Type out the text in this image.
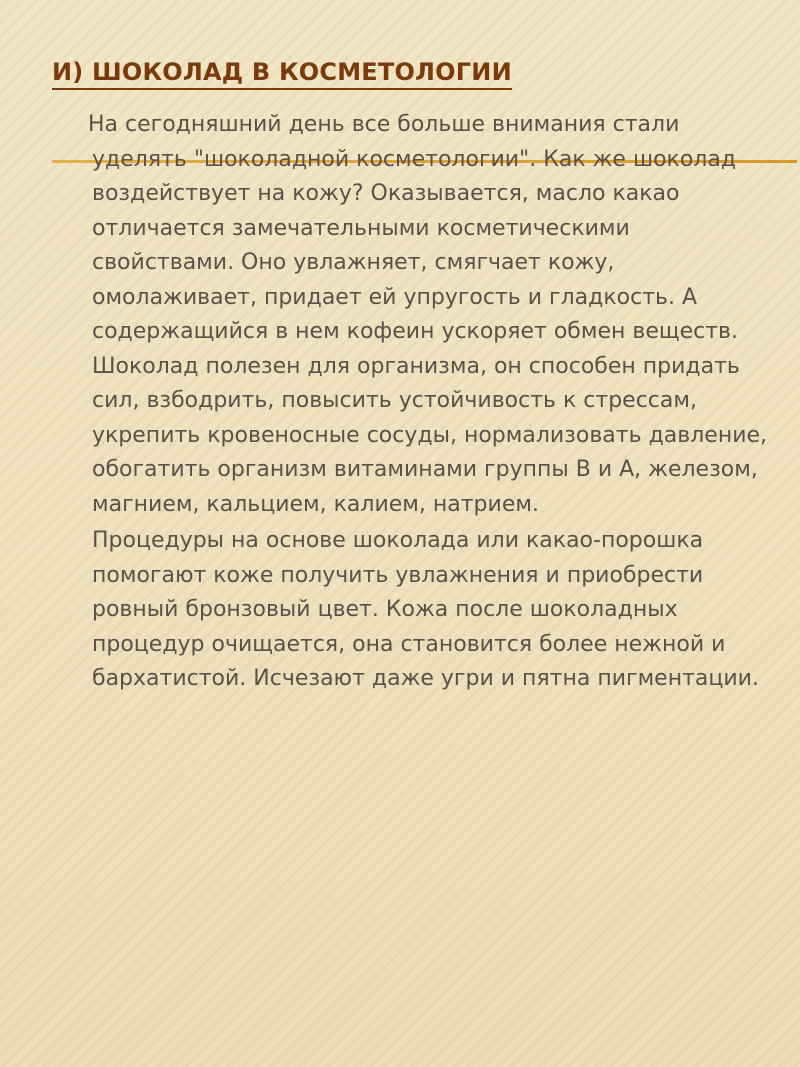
И) ШОКОЛАД В КОСМЕТОЛОГИИ

На сегодняшний день все больше внимания стали уделять "шоколадной косметологии". Как же шоколад воздействует на кожу? Оказывается, масло какао отличается замечательными косметическими свойствами. Оно увлажняет, смягчает кожу, омолаживает, придает ей упругость и гладкость. А содержащийся в нем кофеин ускоряет обмен веществ. Шоколад полезен для организма, он способен придать сил, взбодрить, повысить устойчивость к стрессам, укрепить кровеносные сосуды, нормализовать давление, обогатить организм витаминами группы В и А, железом, магнием, кальцием, калием, натрием.

Процедуры на основе шоколада или какао-порошка помогают коже получить увлажнения и приобрести ровный бронзовый цвет. Кожа после шоколадных процедур очищается, она становится более нежной и бархатистой. Исчезают даже угри и пятна пигментации.
